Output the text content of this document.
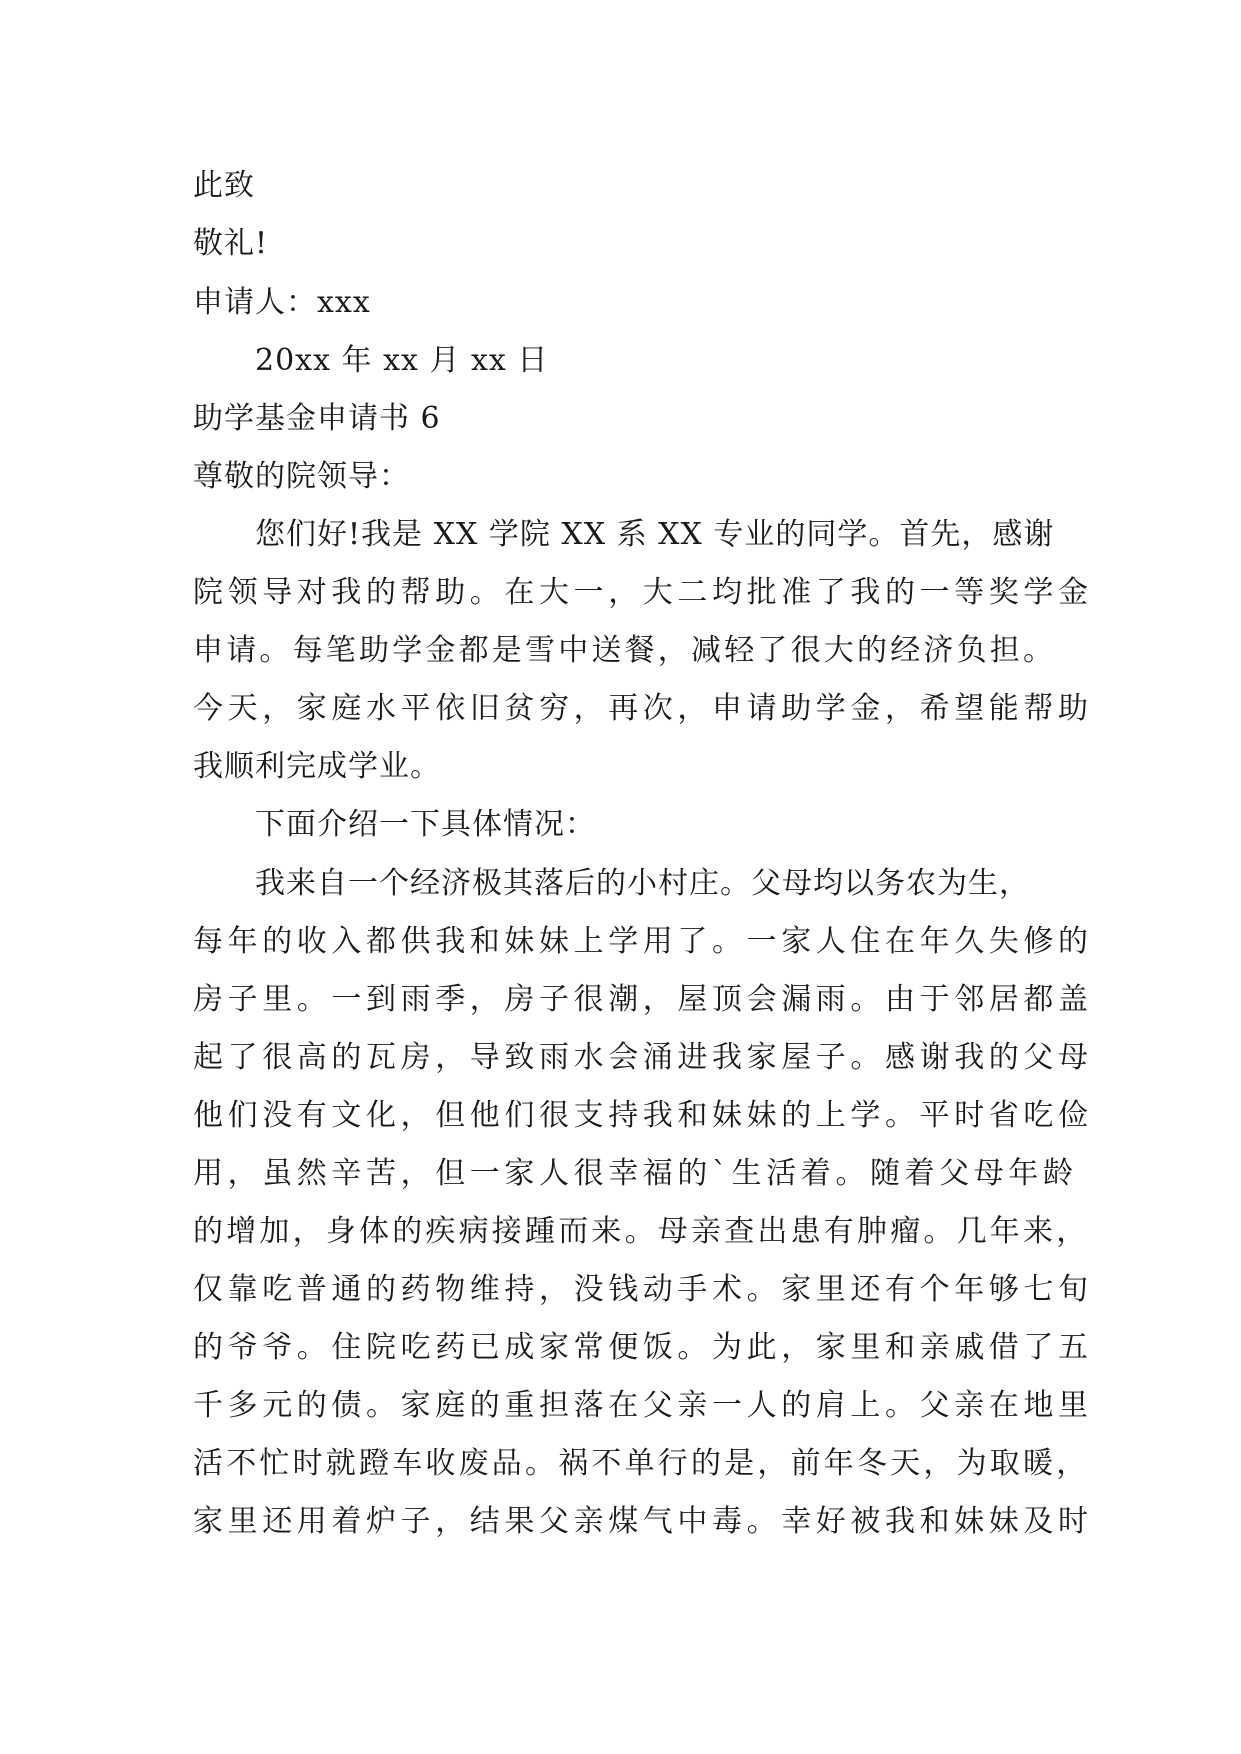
此致
敬礼!
申请人：xxx
20xx 年 xx 月 xx 日
助学基金申请书 6
尊敬的院领导：
您们好!我是 XX 学院 XX 系 XX 专业的同学。首先，感谢
院领导对我的帮助。在大一，大二均批准了我的一等奖学金
申请。每笔助学金都是雪中送餐，减轻了很大的经济负担。
今天，家庭水平依旧贫穷，再次，申请助学金，希望能帮助
我顺利完成学业。
下面介绍一下具体情况：
我来自一个经济极其落后的小村庄。父母均以务农为生，
每年的收入都供我和妹妹上学用了。一家人住在年久失修的
房子里。一到雨季，房子很潮，屋顶会漏雨。由于邻居都盖
起了很高的瓦房，导致雨水会涌进我家屋子。感谢我的父母
他们没有文化，但他们很支持我和妹妹的上学。平时省吃俭
用，虽然辛苦，但一家人很幸福的`生活着。随着父母年龄
的增加，身体的疾病接踵而来。母亲查出患有肿瘤。几年来，
仅靠吃普通的药物维持，没钱动手术。家里还有个年够七旬
的爷爷。住院吃药已成家常便饭。为此，家里和亲戚借了五
千多元的债。家庭的重担落在父亲一人的肩上。父亲在地里
活不忙时就蹬车收废品。祸不单行的是，前年冬天，为取暖，
家里还用着炉子，结果父亲煤气中毒。幸好被我和妹妹及时
